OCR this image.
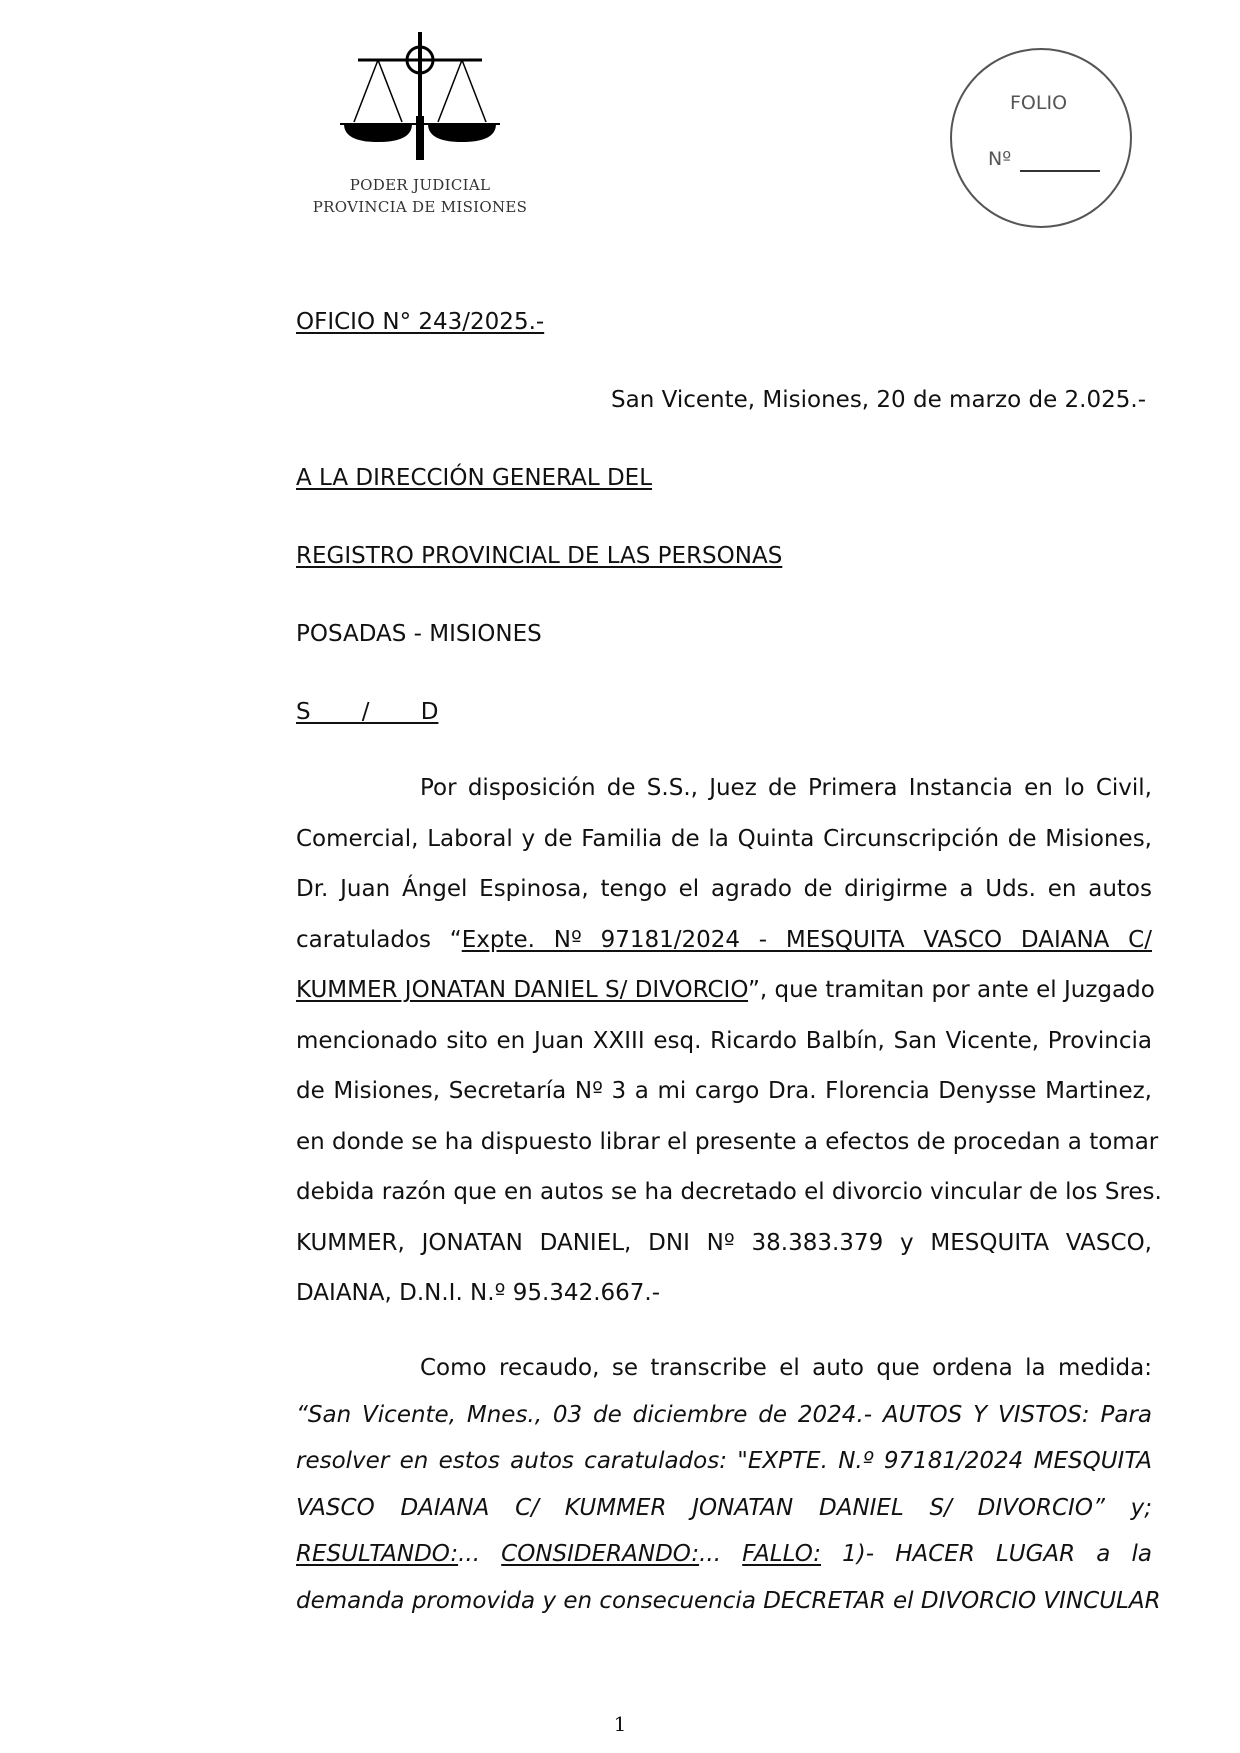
PODER JUDICIAL
PROVINCIA DE MISIONES
FOLIO
Nº
OFICIO N° 243/2025.-
San Vicente, Misiones, 20 de marzo de 2.025.-
A LA DIRECCIÓN GENERAL DEL
REGISTRO PROVINCIAL DE LAS PERSONAS
POSADAS - MISIONES
S       /       D
Por disposición de S.S., Juez de Primera Instancia en lo Civil,
Comercial, Laboral y de Familia de la Quinta Circunscripción de Misiones,
Dr. Juan Ángel Espinosa, tengo el agrado de dirigirme a Uds. en autos
caratulados “Expte. Nº 97181/2024 - MESQUITA VASCO DAIANA C/
KUMMER JONATAN DANIEL S/ DIVORCIO”, que tramitan por ante el Juzgado
mencionado sito en Juan XXIII esq. Ricardo Balbín, San Vicente, Provincia
de Misiones, Secretaría Nº 3 a mi cargo Dra. Florencia Denysse Martinez,
en donde se ha dispuesto librar el presente a efectos de procedan a tomar
debida razón que en autos se ha decretado el divorcio vincular de los Sres.
KUMMER, JONATAN DANIEL, DNI Nº 38.383.379 y MESQUITA VASCO,
DAIANA, D.N.I. N.º 95.342.667.-
Como recaudo, se transcribe el auto que ordena la medida:
“San Vicente, Mnes., 03 de diciembre de 2024.- AUTOS Y VISTOS: Para
resolver en estos autos caratulados: "EXPTE. N.º 97181/2024 MESQUITA
VASCO DAIANA C/ KUMMER JONATAN DANIEL S/ DIVORCIO” y;
RESULTANDO:... CONSIDERANDO:... FALLO: 1)- HACER LUGAR a la
demanda promovida y en consecuencia DECRETAR el DIVORCIO VINCULAR
1
